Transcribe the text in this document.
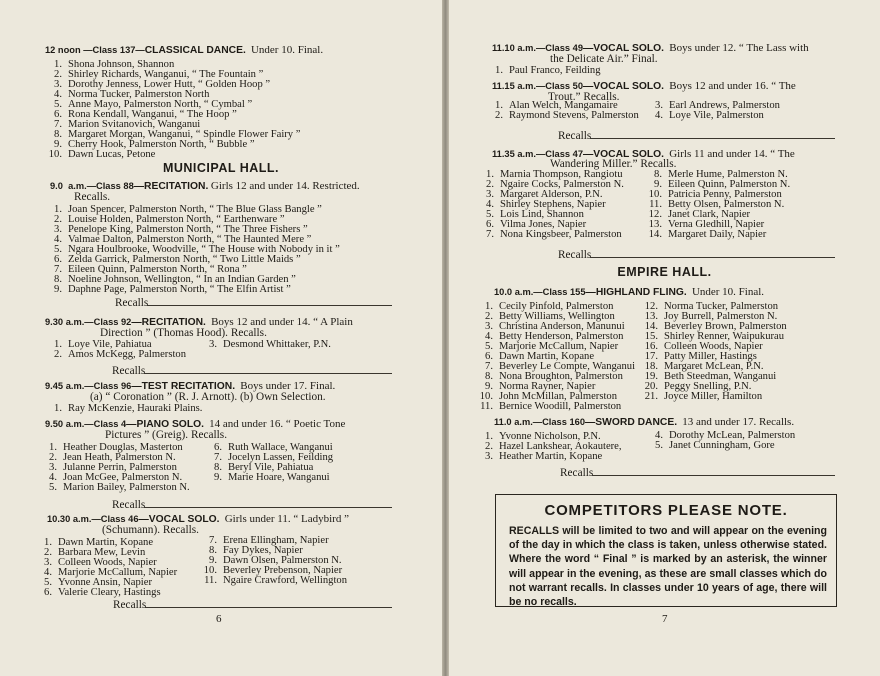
12 noon —Class 137—CLASSICAL DANCE. Under 10. Final.
1. Shona Johnson, Shannon
2. Shirley Richards, Wanganui, “ The Fountain ”
3. Dorothy Jenness, Lower Hutt, “ Golden Hoop ”
4. Norma Tucker, Palmerston North
5. Anne Mayo, Palmerston North, “ Cymbal ”
6. Rona Kendall, Wanganui, “ The Hoop ”
7. Marion Svitanovich, Wanganui
8. Margaret Morgan, Wanganui, “ Spindle Flower Fairy ”
9. Cherry Hook, Palmerston North, “ Bubble ”
10. Dawn Lucas, Petone
MUNICIPAL HALL.
9.0 a.m.—Class 88—RECITATION. Girls 12 and under 14. Restricted.
Recalls.
1. Joan Spencer, Palmerston North, “ The Blue Glass Bangle ”
2. Louise Holden, Palmerston North, “ Earthenware ”
3. Penelope King, Palmerston North, “ The Three Fishers ”
4. Valmae Dalton, Palmerston North, “ The Haunted Mere ”
5. Ngara Houlbrooke, Woodville, “ The House with Nobody in it ”
6. Zelda Garrick, Palmerston North, “ Two Little Maids ”
7. Eileen Quinn, Palmerston North, “ Rona ”
8. Noeline Johnson, Wellington, “ In an Indian Garden ”
9. Daphne Page, Palmerston North, “ The Elfin Artist ”
Recalls
9.30 a.m.—Class 92—RECITATION. Boys 12 and under 14. “ A Plain
Direction ” (Thomas Hood). Recalls.
1. Loye Vile, Pahiatua
2. Amos McKegg, Palmerston
3. Desmond Whittaker, P.N.
Recalls
9.45 a.m.—Class 96—TEST RECITATION. Boys under 17. Final.
(a) “ Coronation ” (R. J. Arnott). (b) Own Selection.
1. Ray McKenzie, Hauraki Plains.
9.50 a.m.—Class 4—PIANO SOLO. 14 and under 16. “ Poetic Tone
Pictures ” (Greig). Recalls.
1. Heather Douglas, Masterton
2. Jean Heath, Palmerston N.
3. Julanne Perrin, Palmerston
4. Joan McGee, Palmerston N.
5. Marion Bailey, Palmerston N.
6. Ruth Wallace, Wanganui
7. Jocelyn Lassen, Feilding
8. Beryl Vile, Pahiatua
9. Marie Hoare, Wanganui
Recalls
10.30 a.m.—Class 46—VOCAL SOLO. Girls under 11. “ Ladybird ”
(Schumann). Recalls.
1. Dawn Martin, Kopane
2. Barbara Mew, Levin
3. Colleen Woods, Napier
4. Marjorie McCallum, Napier
5. Yvonne Ansin, Napier
6. Valerie Cleary, Hastings
7. Erena Ellingham, Napier
8. Fay Dykes, Napier
9. Dawn Olsen, Palmerston N.
10. Beverley Prebenson, Napier
11. Ngaire Crawford, Wellington
Recalls
6
11.10 a.m.—Class 49—VOCAL SOLO. Boys under 12. “ The Lass with
the Delicate Air.” Final.
1. Paul Franco, Feilding
11.15 a.m.—Class 50—VOCAL SOLO. Boys 12 and under 16. “ The
Trout.” Recalls.
1. Alan Welch, Mangamaire
2. Raymond Stevens, Palmerston
3. Earl Andrews, Palmerston
4. Loye Vile, Palmerston
Recalls
11.35 a.m.—Class 47—VOCAL SOLO. Girls 11 and under 14. “ The
Wandering Miller.” Recalls.
1. Marnia Thompson, Rangiotu
2. Ngaire Cocks, Palmerston N.
3. Margaret Alderson, P.N.
4. Shirley Stephens, Napier
5. Lois Lind, Shannon
6. Vilma Jones, Napier
7. Nona Kingsbeer, Palmerston
8. Merle Hume, Palmerston N.
9. Eileen Quinn, Palmerston N.
10. Patricia Penny, Palmerston
11. Betty Olsen, Palmerston N.
12. Janet Clark, Napier
13. Verna Gledhill, Napier
14. Margaret Daily, Napier
Recalls
EMPIRE HALL.
10.0 a.m.—Class 155—HIGHLAND FLING. Under 10. Final.
1. Cecily Pinfold, Palmerston
2. Betty Williams, Wellington
3. Christina Anderson, Manunui
4. Betty Henderson, Palmerston
5. Marjorie McCallum, Napier
6. Dawn Martin, Kopane
7. Beverley Le Compte, Wanganui
8. Nona Broughton, Palmerston
9. Norma Rayner, Napier
10. John McMillan, Palmerston
11. Bernice Woodill, Palmerston
12. Norma Tucker, Palmerston
13. Joy Burrell, Palmerston N.
14. Beverley Brown, Palmerston
15. Shirley Renner, Waipukurau
16. Colleen Woods, Napier
17. Patty Miller, Hastings
18. Margaret McLean, P.N.
19. Beth Steedman, Wanganui
20. Peggy Snelling, P.N.
21. Joyce Miller, Hamilton
11.0 a.m.—Class 160—SWORD DANCE. 13 and under 17. Recalls.
1. Yvonne Nicholson, P.N.
2. Hazel Lankshear, Aokautere,
3. Heather Martin, Kopane
4. Dorothy McLean, Palmerston
5. Janet Cunningham, Gore
Recalls
COMPETITORS PLEASE NOTE.
RECALLS will be limited to two and will appear on the evening of the day in which the class is taken, unless otherwise stated. Where the word “ Final ” is marked by an asterisk, the winner will appear in the evening, as these are small classes which do not warrant recalls. In classes under 10 years of age, there will be no recalls.
7
